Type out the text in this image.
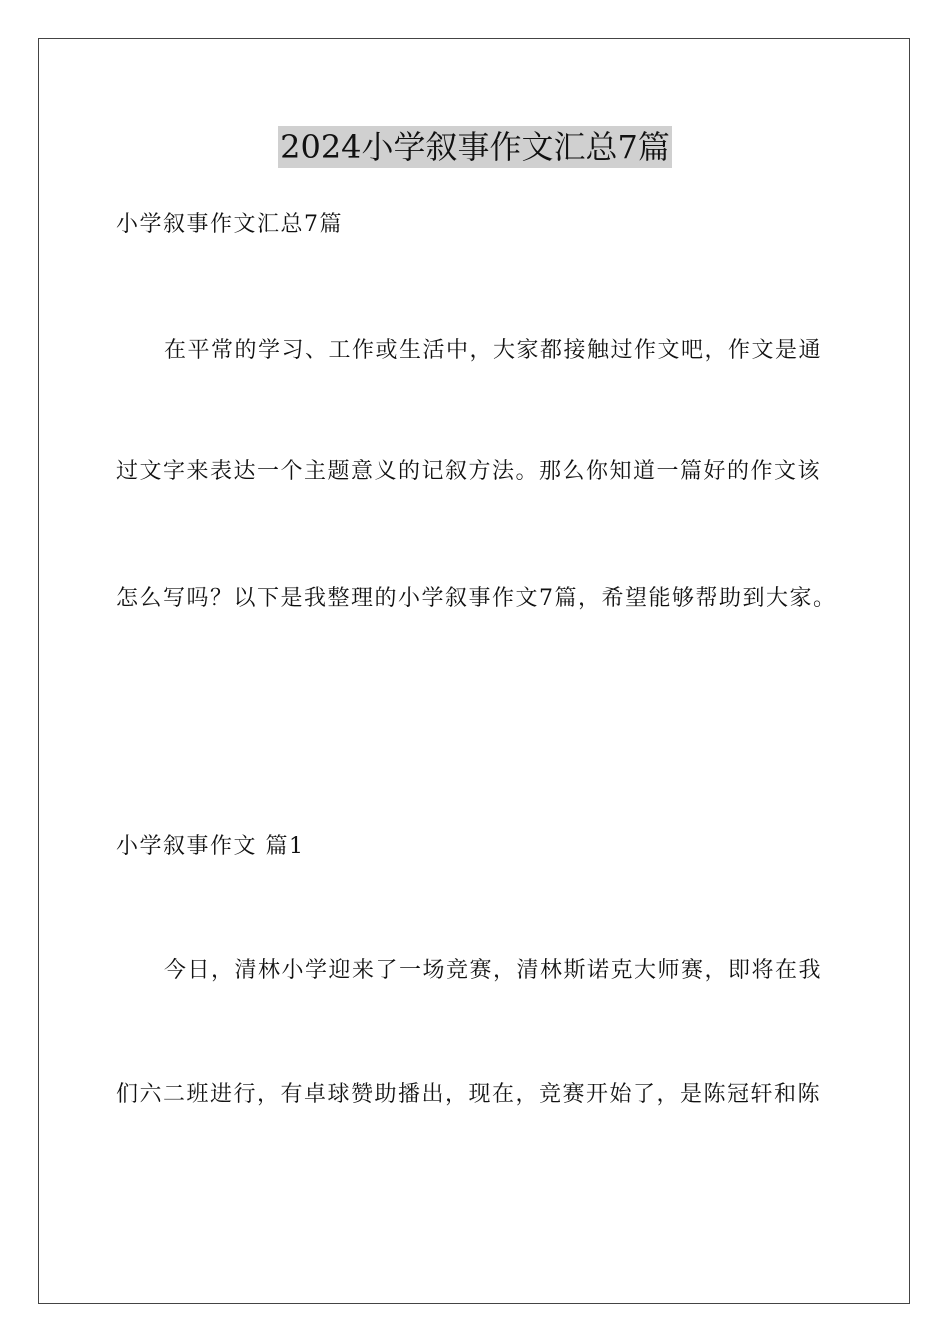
2024小学叙事作文汇总7篇
小学叙事作文汇总7篇
在平常的学习、工作或生活中，大家都接触过作文吧，作文是通
过文字来表达一个主题意义的记叙方法。那么你知道一篇好的作文该
怎么写吗？以下是我整理的小学叙事作文7篇，希望能够帮助到大家。
小学叙事作文 篇1
今日，清林小学迎来了一场竞赛，清林斯诺克大师赛，即将在我
们六二班进行，有卓球赞助播出，现在，竞赛开始了，是陈冠轩和陈
